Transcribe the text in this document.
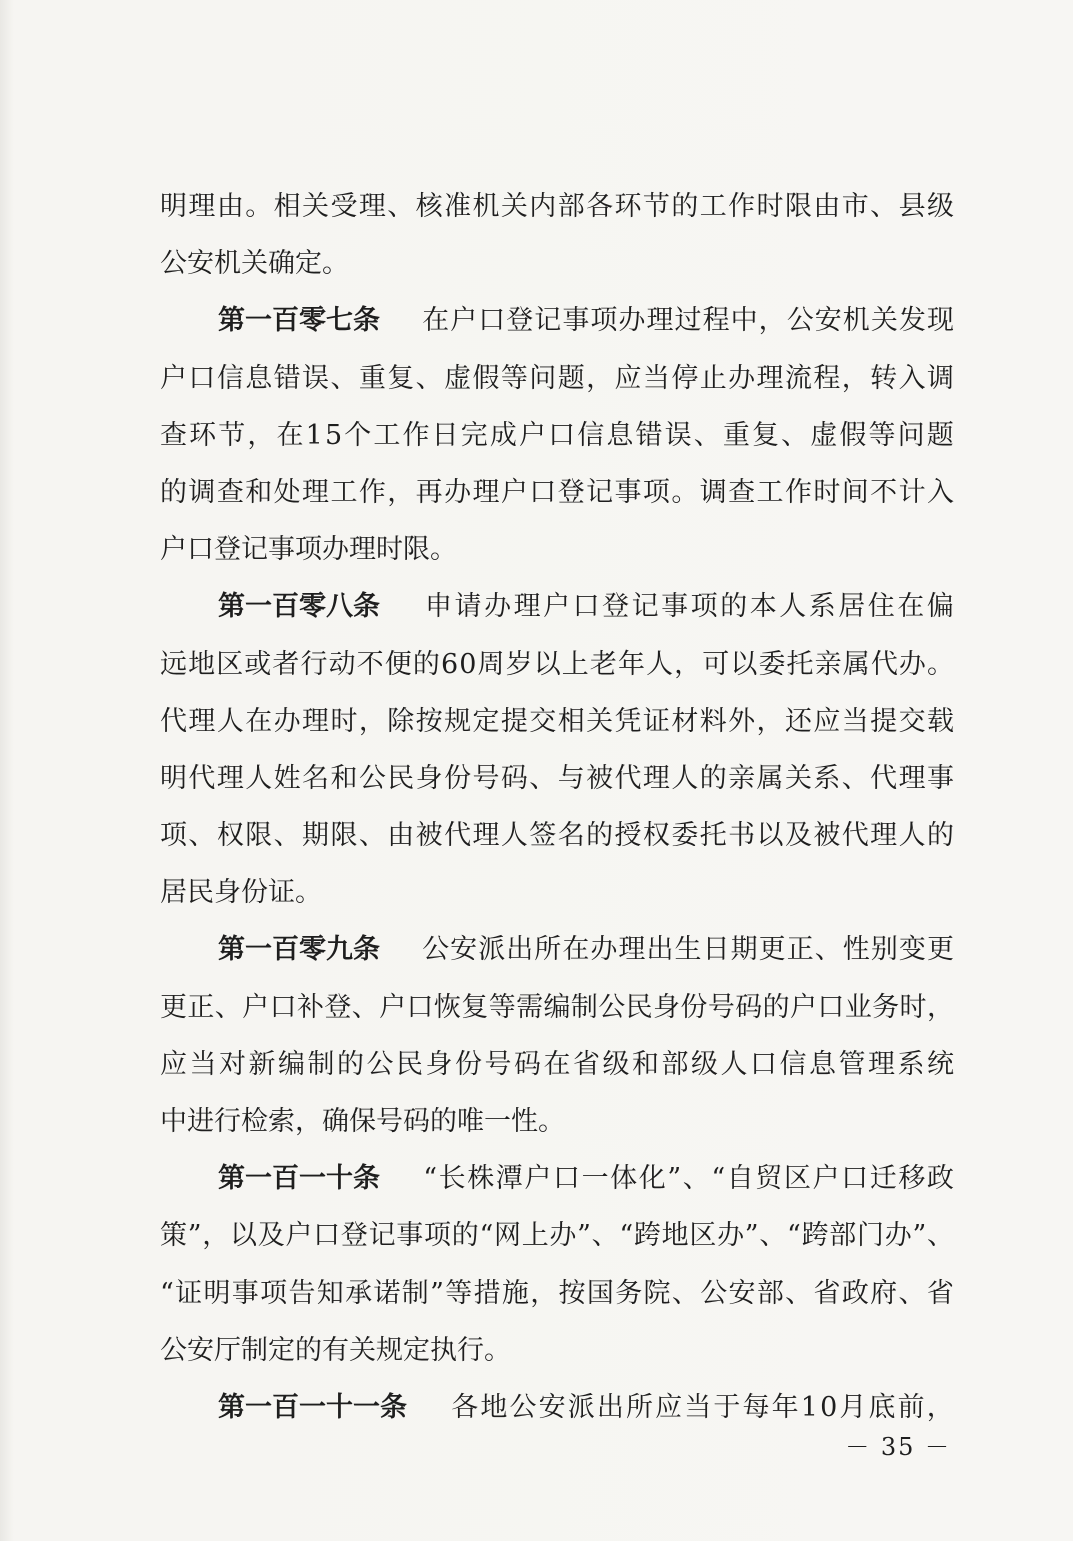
明 理 由 。 相 关 受 理 、 核 准 机 关 内 部 各 环 节 的 工 作 时 限 由 市 、 县 级
公 安 机 关 确 定 。
第一百零七条 在 户 口 登 记 事 项 办 理 过 程 中 ， 公 安 机 关 发 现
户 口 信 息 错 误 、 重 复 、 虚 假 等 问 题 ， 应 当 停 止 办 理 流 程 ， 转 入 调
查 环 节 ， 在 1 5 个 工 作 日 完 成 户 口 信 息 错 误 、 重 复 、 虚 假 等 问 题
的 调 查 和 处 理 工 作 ， 再 办 理 户 口 登 记 事 项 。 调 查 工 作 时 间 不 计 入
户 口 登 记 事 项 办 理 时 限 。
第一百零八条 申 请 办 理 户 口 登 记 事 项 的 本 人 系 居 住 在 偏
远 地 区 或 者 行 动 不 便 的 6 0 周 岁 以 上 老 年 人 ， 可 以 委 托 亲 属 代 办 。
代 理 人 在 办 理 时 ， 除 按 规 定 提 交 相 关 凭 证 材 料 外 ， 还 应 当 提 交 载
明 代 理 人 姓 名 和 公 民 身 份 号 码 、 与 被 代 理 人 的 亲 属 关 系 、 代 理 事
项 、 权 限 、 期 限 、 由 被 代 理 人 签 名 的 授 权 委 托 书 以 及 被 代 理 人 的
居 民 身 份 证 。
第一百零九条 公 安 派 出 所 在 办 理 出 生 日 期 更 正 、 性 别 变 更
更 正 、 户 口 补 登 、 户 口 恢 复 等 需 编 制 公 民 身 份 号 码 的 户 口 业 务 时 ，
应 当 对 新 编 制 的 公 民 身 份 号 码 在 省 级 和 部 级 人 口 信 息 管 理 系 统
中 进 行 检 索 ， 确 保 号 码 的 唯 一 性 。
第一百一十条 “ 长 株 潭 户 口 一 体 化 ” 、 “ 自 贸 区 户 口 迁 移 政
策 ” ， 以 及 户 口 登 记 事 项 的 “ 网 上 办 ” 、 “ 跨 地 区 办 ” 、 “ 跨 部 门 办 ” 、
“ 证 明 事 项 告 知 承 诺 制 ” 等 措 施 ， 按 国 务 院 、 公 安 部 、 省 政 府 、 省
公 安 厅 制 定 的 有 关 规 定 执 行 。
第一百一十一条 各 地 公 安 派 出 所 应 当 于 每 年 1 0 月 底 前 ，
－ 35 －
